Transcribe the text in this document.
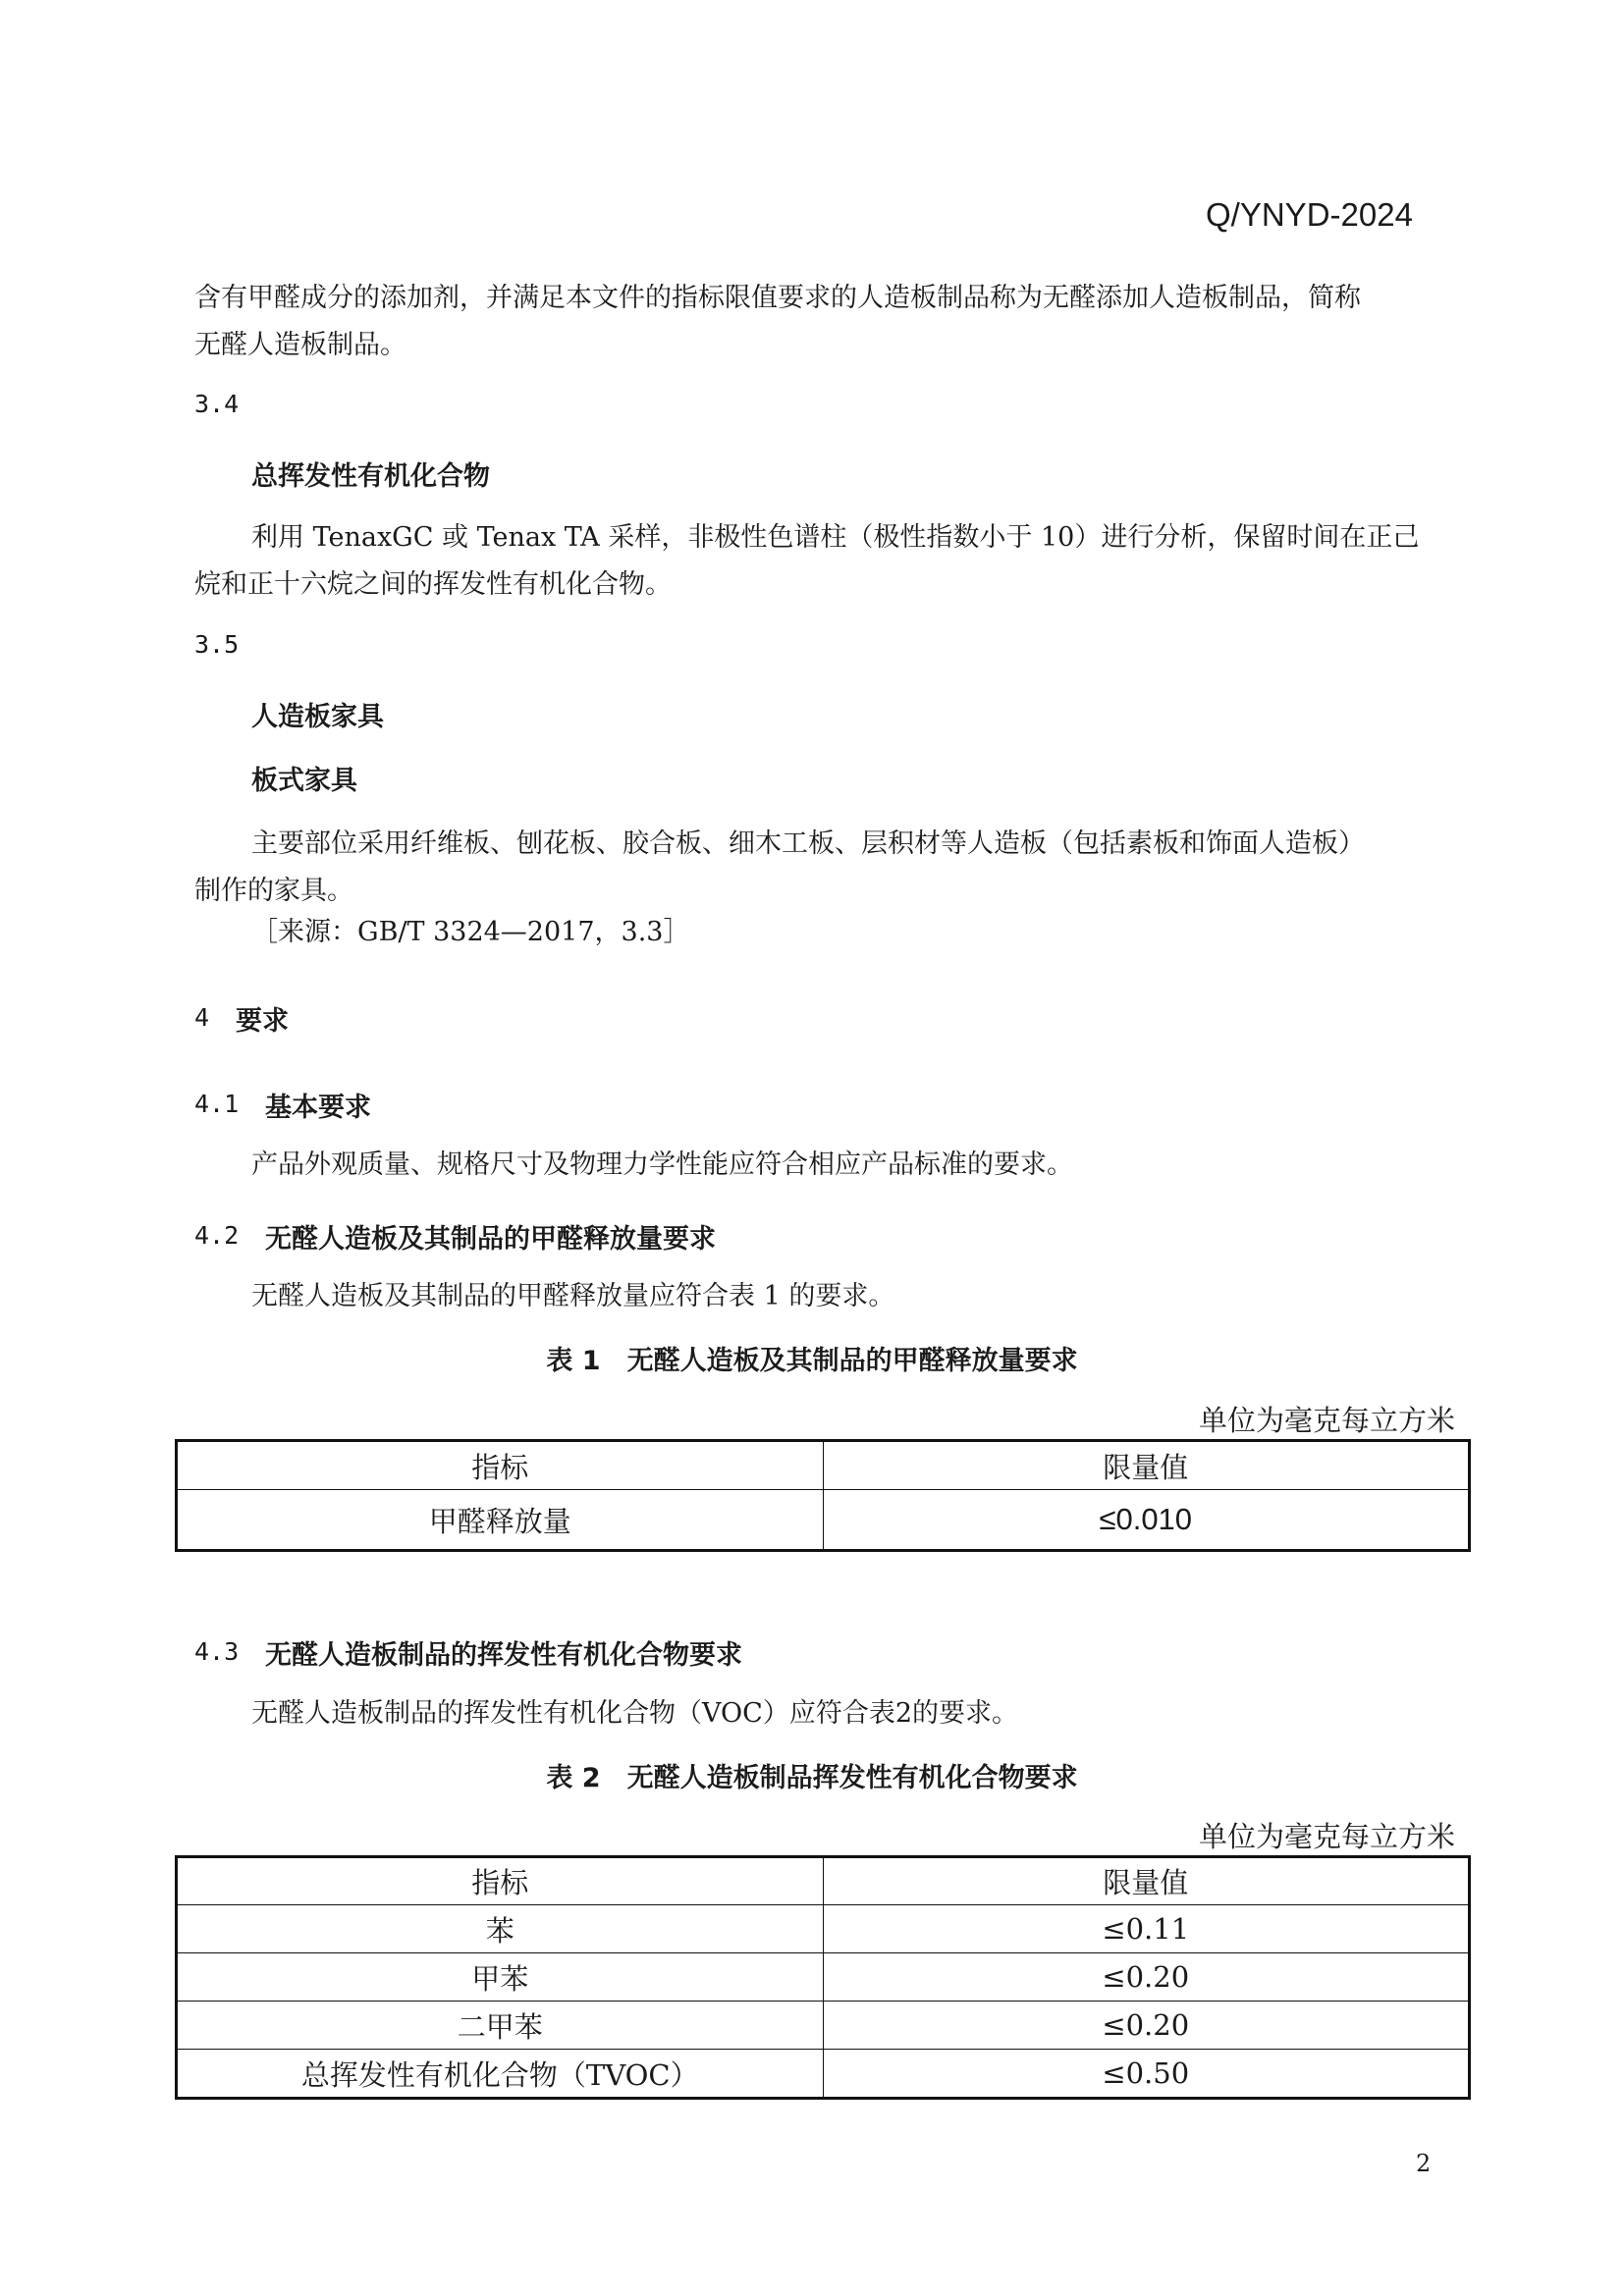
Q/YNYD-2024
含有甲醛成分的添加剂，并满足本文件的指标限值要求的人造板制品称为无醛添加人造板制品，简称
无醛人造板制品。
3.4
总挥发性有机化合物
利用 TenaxGC 或 Tenax TA 采样，非极性色谱柱（极性指数小于 10）进行分析，保留时间在正己
烷和正十六烷之间的挥发性有机化合物。
3.5
人造板家具
板式家具
主要部位采用纤维板、刨花板、胶合板、细木工板、层积材等人造板（包括素板和饰面人造板）
制作的家具。
［来源：GB/T 3324—2017，3.3］
4 要求
4.1 基本要求
产品外观质量、规格尺寸及物理力学性能应符合相应产品标准的要求。
4.2 无醛人造板及其制品的甲醛释放量要求
无醛人造板及其制品的甲醛释放量应符合表 1 的要求。
表 1　无醛人造板及其制品的甲醛释放量要求
单位为毫克每立方米
指标	限量值
甲醛释放量	≤0.010
4.3 无醛人造板制品的挥发性有机化合物要求
无醛人造板制品的挥发性有机化合物（VOC）应符合表2的要求。
表 2　无醛人造板制品挥发性有机化合物要求
单位为毫克每立方米
指标	限量值
苯	≤0.11
甲苯	≤0.20
二甲苯	≤0.20
总挥发性有机化合物（TVOC）	≤0.50
2
